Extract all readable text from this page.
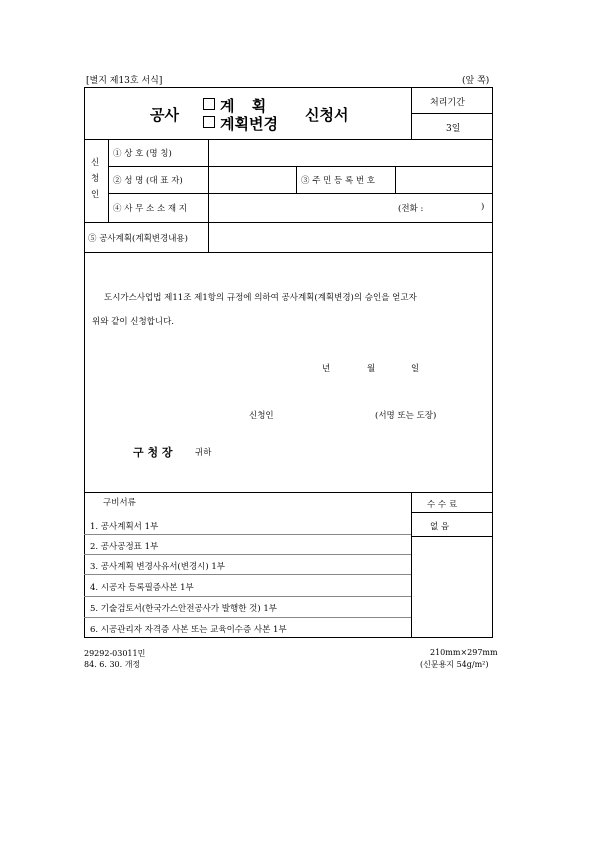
[별지 제13호 서식]	(앞 쪽)
공사	계 획
계획변경 신청서
처리기간
3일
신
청
인
① 상 호 (명 칭)
② 성 명 (대 표 자)	③ 주 민 등 록 번 호
④ 사 무 소 소 재 지	(전화 :	)
⑤ 공사계획(계획변경내용)
도시가스사업법 제11조 제1항의 규정에 의하여 공사계획(계획변경)의 승인을 얻고자
위와 같이 신청합니다.
년	월	일
신청인	(서명 또는 도장)
구 청 장	귀하
구비서류
1. 공사계획서 1부
2. 공사공정표 1부
3. 공사계획 변경사유서(변경시) 1부
4. 시공자 등록필증사본 1부
5. 기술검토서(한국가스안전공사가 발행한 것) 1부
6. 시공관리자 자격증 사본 또는 교육이수증 사본 1부
수 수 료
없 음
29292-03011민
84. 6. 30. 개정
210mm×297mm
(신문용지 54g/m²)
